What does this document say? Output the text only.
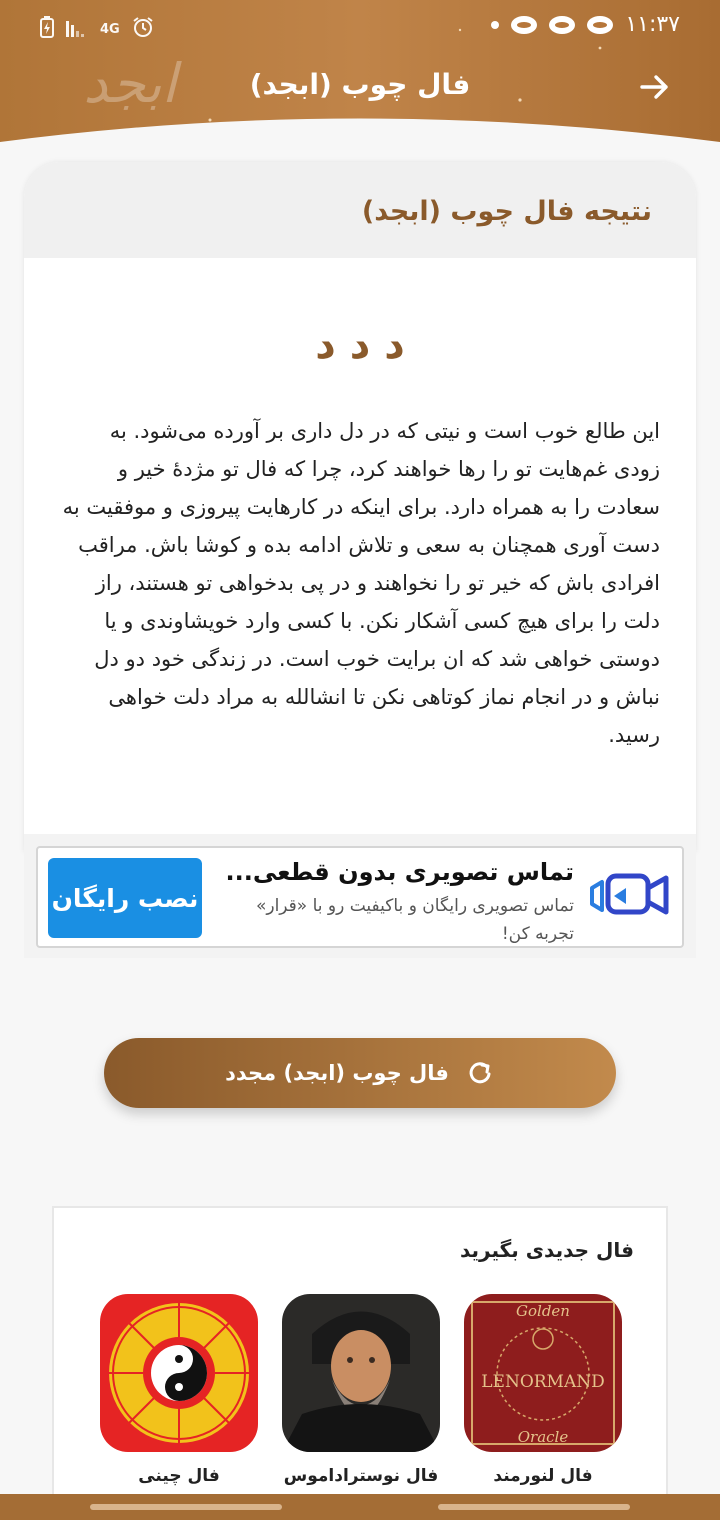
ابجد
4G	۱۱:۳۷
فال چوب (ابجد)
نتیجه فال چوب (ابجد)
د د د
این طالع خوب است و نیتی که در دل داری بر آورده می‌شود. به زودی غم‌هایت تو را رها خواهند کرد، چرا که فال تو مژدهٔ خیر و سعادت را به همراه دارد. برای اینکه در کارهایت پیروزی و موفقیت به دست آوری همچنان به سعی و تلاش ادامه بده و کوشا باش. مراقب افرادی باش که خیر تو را نخواهند و در پی بدخواهی تو هستند، راز دلت را برای هیچ کسی آشکار نکن. با کسی وارد خویشاوندی و یا دوستی خواهی شد که ان برایت خوب است. در زندگی خود دو دل نباش و در انجام نماز کوتاهی نکن تا انشالله به مراد دلت خواهی رسید.
نصب رایگان
تماس تصویری بدون قطعی...
تماس تصویری رایگان و باکیفیت رو با «قرار» تجربه کن!
فال چوب (ابجد) مجدد
فال جدیدی بگیرید
Golden
LENORMAND
Oracle
فال لنورمند
فال نوستراداموس
فال چینی
